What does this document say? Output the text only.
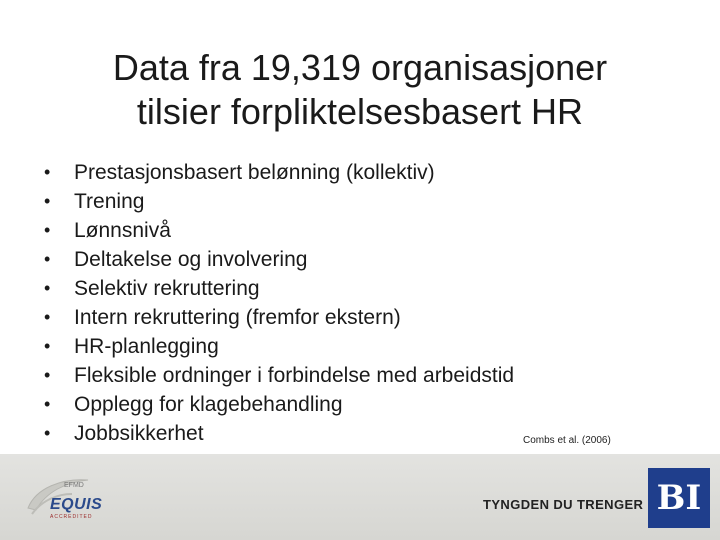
Data fra 19,319 organisasjoner
tilsier forpliktelsesbasert HR
• Prestasjonsbasert belønning (kollektiv)
• Trening
• Lønnsnivå
• Deltakelse og involvering
• Selektiv rekruttering
• Intern rekruttering (fremfor ekstern)
• HR-planlegging
• Fleksible ordninger i forbindelse med arbeidstid
• Opplegg for klagebehandling
• Jobbsikkerhet	Combs et al. (2006)
EFMD
EQUIS
ACCREDITED
TYNGDEN DU TRENGER BI
